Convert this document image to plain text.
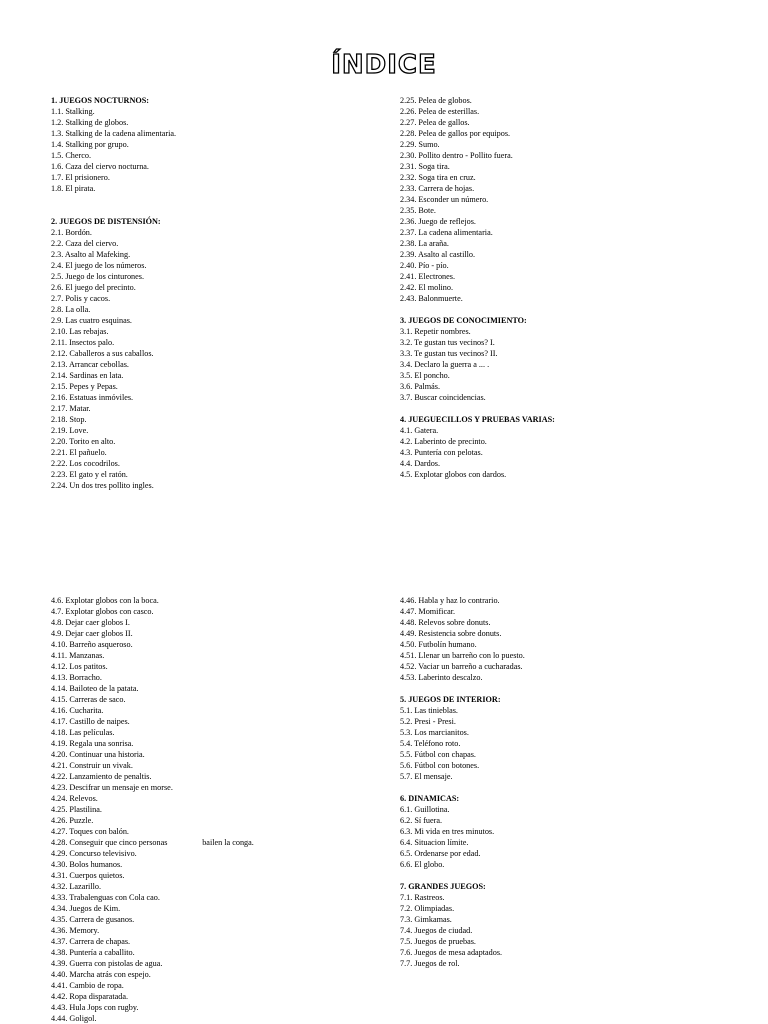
ÍNDICE
1. JUEGOS NOCTURNOS:
1.1. Stalking.
1.2. Stalking de globos.
1.3. Stalking de la cadena alimentaria.
1.4. Stalking por grupo.
1.5. Cherco.
1.6. Caza del ciervo nocturna.
1.7. El prisionero.
1.8. El pirata.
2. JUEGOS DE DISTENSIÓN:
2.1. Bordón.
2.2. Caza del ciervo.
2.3. Asalto al Mafeking.
2.4. El juego de los números.
2.5. Juego de los cinturones.
2.6. El juego del precinto.
2.7. Polis y cacos.
2.8. La olla.
2.9. Las cuatro esquinas.
2.10. Las rebajas.
2.11. Insectos palo.
2.12. Caballeros a sus caballos.
2.13. Arrancar cebollas.
2.14. Sardinas en lata.
2.15. Pepes y Pepas.
2.16. Estatuas inmóviles.
2.17. Matar.
2.18. Stop.
2.19. Love.
2.20. Torito en alto.
2.21. El pañuelo.
2.22. Los cocodrilos.
2.23. El gato y el ratón.
2.24. Un dos tres pollito ingles.
2.25. Pelea de globos.
2.26. Pelea de esterillas.
2.27. Pelea de gallos.
2.28. Pelea de gallos por equipos.
2.29. Sumo.
2.30. Pollito dentro - Pollito fuera.
2.31. Soga tira.
2.32. Soga tira en cruz.
2.33. Carrera de hojas.
2.34. Esconder un número.
2.35. Bote.
2.36. Juego de reflejos.
2.37. La cadena alimentaria.
2.38. La araña.
2.39. Asalto al castillo.
2.40. Pío - pío.
2.41. Electrones.
2.42. El molino.
2.43. Balonmuerte.
3. JUEGOS DE CONOCIMIENTO:
3.1. Repetir nombres.
3.2. Te gustan tus vecinos? I.
3.3. Te gustan tus vecinos? II.
3.4. Declaro la guerra a ... .
3.5. El poncho.
3.6. Palmás.
3.7. Buscar coincidencias.
4. JUEGUECILLOS Y PRUEBAS VARIAS:
4.1. Gatera.
4.2. Laberinto de precinto.
4.3. Puntería con pelotas.
4.4. Dardos.
4.5. Explotar globos con dardos.
4.6. Explotar globos con la boca.
4.7. Explotar globos con casco.
4.8. Dejar caer globos I.
4.9. Dejar caer globos II.
4.10. Barreño asqueroso.
4.11. Manzanas.
4.12. Los patitos.
4.13. Borracho.
4.14. Bailoteo de la patata.
4.15. Carreras de saco.
4.16. Cucharita.
4.17. Castillo de naipes.
4.18. Las películas.
4.19. Regala una sonrisa.
4.20. Continuar una historia.
4.21. Construir un vivak.
4.22. Lanzamiento de penaltis.
4.23. Descifrar un mensaje en morse.
4.24. Relevos.
4.25. Plastilina.
4.26. Puzzle.
4.27. Toques con balón.
4.28. Conseguir que cinco personas                 bailen la conga.
4.29. Concurso televisivo.
4.30. Bolos humanos.
4.31. Cuerpos quietos.
4.32. Lazarillo.
4.33. Trabalenguas con Cola cao.
4.34. Juegos de Kim.
4.35. Carrera de gusanos.
4.36. Memory.
4.37. Carrera de chapas.
4.38. Puntería a caballito.
4.39. Guerra con pistolas de agua.
4.40. Marcha atrás con espejo.
4.41. Cambio de ropa.
4.42. Ropa disparatada.
4.43. Hula Jops con rugby.
4.44. Goligol.
4.46. Habla y haz lo contrario.
4.47. Momificar.
4.48. Relevos sobre donuts.
4.49. Resistencia sobre donuts.
4.50. Futbolín humano.
4.51. Llenar un barreño con lo puesto.
4.52. Vaciar un barreño a cucharadas.
4.53. Laberinto descalzo.
5. JUEGOS DE INTERIOR:
5.1. Las tinieblas.
5.2. Presi - Presi.
5.3. Los marcianitos.
5.4. Teléfono roto.
5.5. Fútbol con chapas.
5.6. Fútbol con botones.
5.7. El mensaje.
6. DINAMICAS:
6.1. Guillotina.
6.2. Sí fuera.
6.3. Mi vida en tres minutos.
6.4. Situacion límite.
6.5. Ordenarse por edad.
6.6. El globo.
7. GRANDES JUEGOS:
7.1. Rastreos.
7.2. Olimpiadas.
7.3. Gimkamas.
7.4. Juegos de ciudad.
7.5. Juegos de pruebas.
7.6. Juegos de mesa adaptados.
7.7. Juegos de rol.
